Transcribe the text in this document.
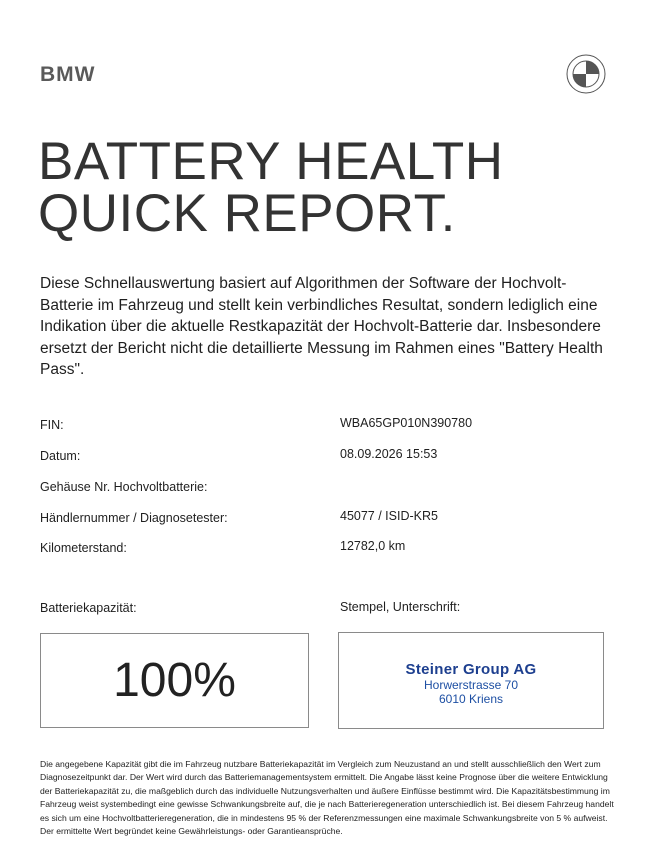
BMW
BATTERY HEALTH
QUICK REPORT.
Diese Schnellauswertung basiert auf Algorithmen der Software der Hochvolt-Batterie im Fahrzeug und stellt kein verbindliches Resultat, sondern lediglich eine Indikation über die aktuelle Restkapazität der Hochvolt-Batterie dar. Insbesondere ersetzt der Bericht nicht die detaillierte Messung im Rahmen eines "Battery Health Pass".
FIN:	WBA65GP010N390780
Datum:	08.09.2026 15:53
Gehäuse Nr. Hochvoltbatterie:
Händlernummer / Diagnosetester:	45077 / ISID-KR5
Kilometerstand:	12782,0 km
Batteriekapazität:	Stempel, Unterschrift:
100%	Steiner Group AG
Horwerstrasse 70
6010 Kriens
Die angegebene Kapazität gibt die im Fahrzeug nutzbare Batteriekapazität im Vergleich zum Neuzustand an und stellt ausschließlich den Wert zum Diagnosezeitpunkt dar. Der Wert wird durch das Batteriemanagementsystem ermittelt. Die Angabe lässt keine Prognose über die weitere Entwicklung der Batteriekapazität zu, die maßgeblich durch das individuelle Nutzungsverhalten und äußere Einflüsse bestimmt wird. Die Kapazitätsbestimmung im Fahrzeug weist systembedingt eine gewisse Schwankungsbreite auf, die je nach Batterieregeneration unterschiedlich ist. Bei diesem Fahrzeug handelt es sich um eine Hochvoltbatterieregeneration, die in mindestens 95 % der Referenzmessungen eine maximale Schwankungsbreite von 5 % aufweist. Der ermittelte Wert begründet keine Gewährleistungs- oder Garantieansprüche.
